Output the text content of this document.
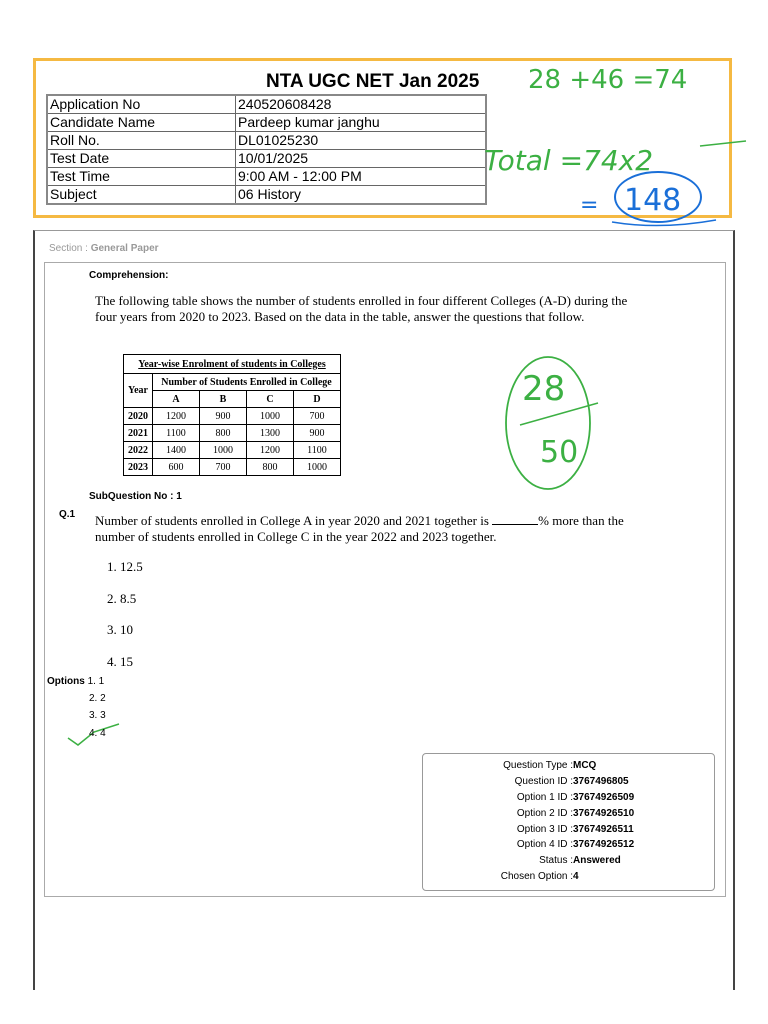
NTA UGC NET Jan 2025
Application No	240520608428
Candidate Name	Pardeep kumar janghu
Roll No.	DL01025230
Test Date	10/01/2025
Test Time	9:00 AM - 12:00 PM
Subject	06 History
28 +46 =74
Total =74x2
= 148
28
50
Section : General Paper
Comprehension:
The following table shows the number of students enrolled in four different Colleges (A-D) during the four years from 2020 to 2023. Based on the data in the table, answer the questions that follow.
Year-wise Enrolment of students in Colleges				
Year	Number of Students Enrolled in College			
	A	B	C	D
2020	1200	900	1000	700
2021	1100	800	1300	900
2022	1400	1000	1200	1100
2023	600	700	800	1000
SubQuestion No : 1
Q.1 Number of students enrolled in College A in year 2020 and 2021 together is	% more than the number of students enrolled in College C in the year 2022 and 2023 together.
1. 12.5
2. 8.5
3. 10
4. 15
Options 1. 1
2. 2
3. 3
4. 4
Question Type : MCQ
Question ID : 3767496805
Option 1 ID : 37674926509
Option 2 ID : 37674926510
Option 3 ID : 37674926511
Option 4 ID : 37674926512
Status : Answered
Chosen Option : 4
